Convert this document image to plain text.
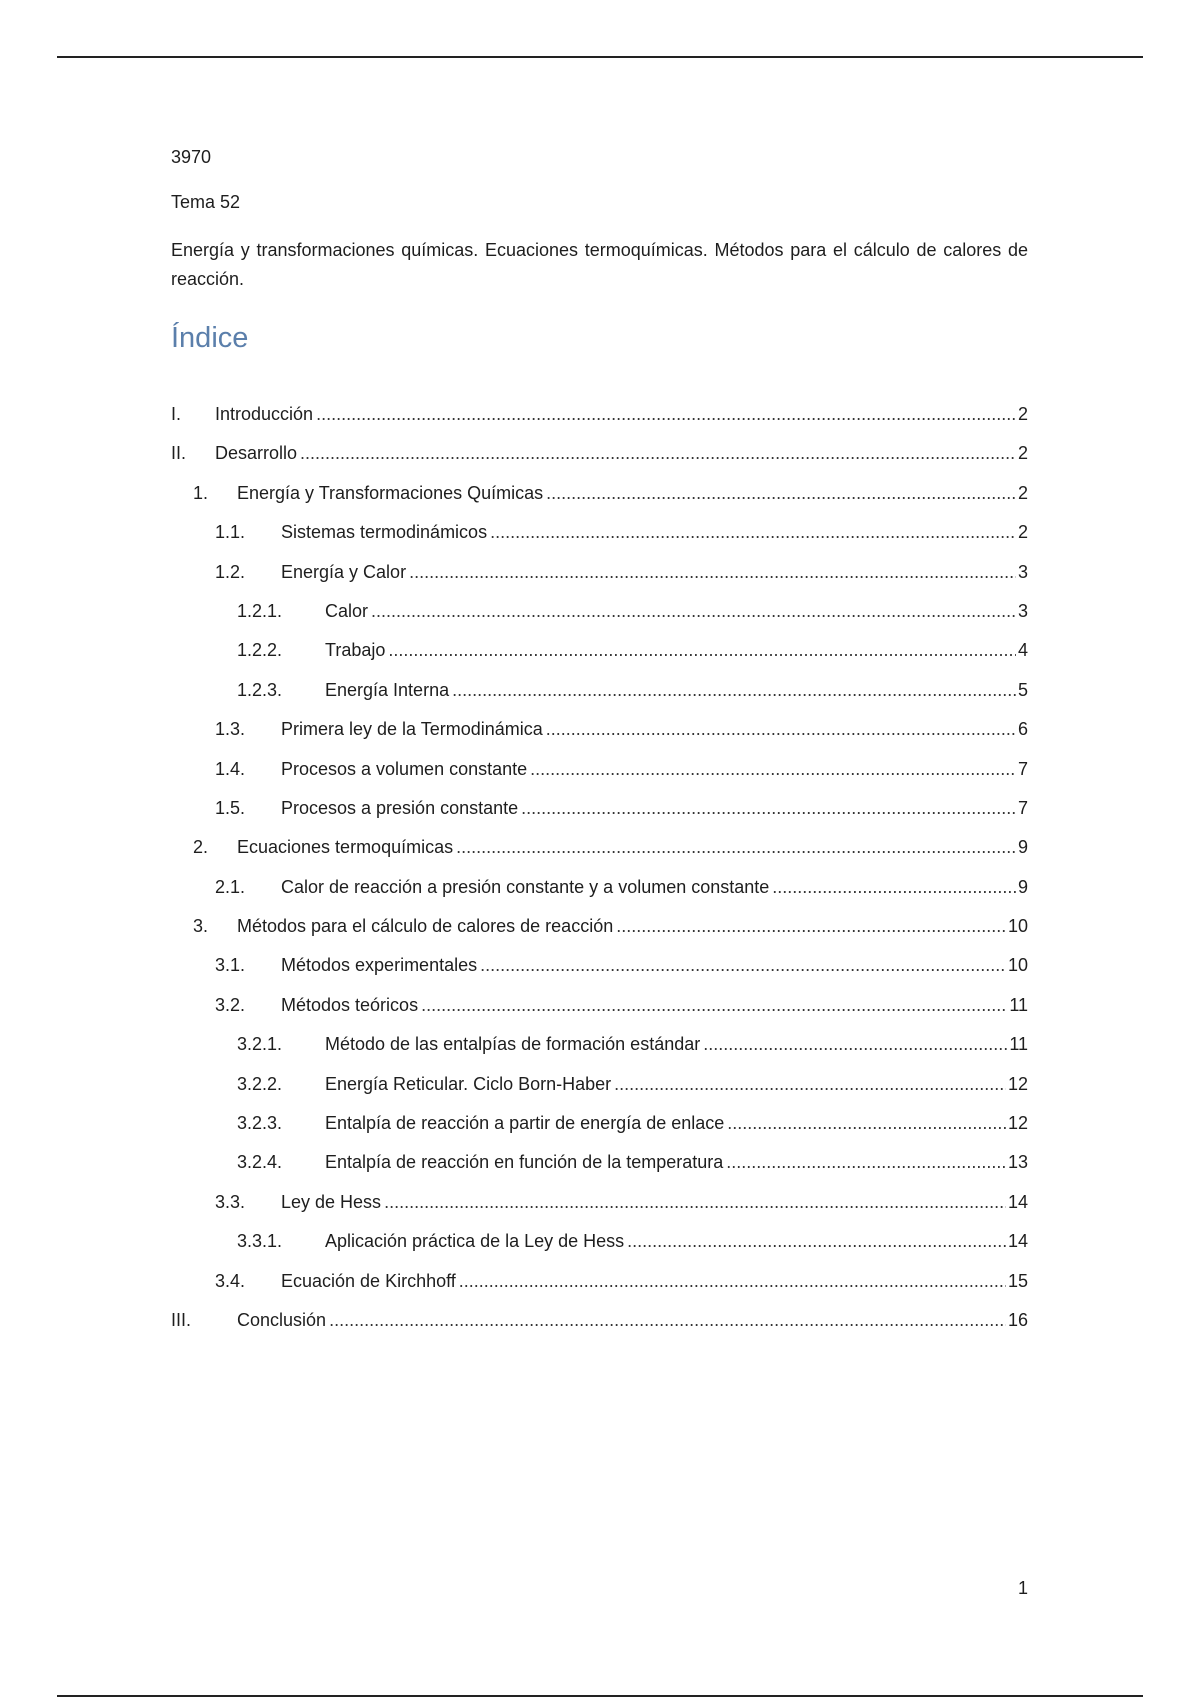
3970
Tema 52
Energía y transformaciones químicas. Ecuaciones termoquímicas. Métodos para el cálculo de calores de reacción.
Índice
I.	Introducción .....	2
II.	Desarrollo .....	2
1.	Energía y Transformaciones Químicas .....	2
1.1.	Sistemas termodinámicos .....	2
1.2.	Energía y Calor .....	3
1.2.1.	Calor .....	3
1.2.2.	Trabajo .....	4
1.2.3.	Energía Interna .....	5
1.3.	Primera ley de la Termodinámica .....	6
1.4.	Procesos a volumen constante .....	7
1.5.	Procesos a presión constante .....	7
2.	Ecuaciones termoquímicas .....	9
2.1.	Calor de reacción a presión constante y a volumen constante .....	9
3.	Métodos para el cálculo de calores de reacción .....	10
3.1.	Métodos experimentales .....	10
3.2.	Métodos teóricos .....	11
3.2.1.	Método de las entalpías de formación estándar .....	11
3.2.2.	Energía Reticular. Ciclo Born-Haber .....	12
3.2.3.	Entalpía de reacción a partir de energía de enlace .....	12
3.2.4.	Entalpía de reacción en función de la temperatura .....	13
3.3.	Ley de Hess .....	14
3.3.1.	Aplicación práctica de la Ley de Hess .....	14
3.4.	Ecuación de Kirchhoff .....	15
III.	Conclusión .....	16
1
